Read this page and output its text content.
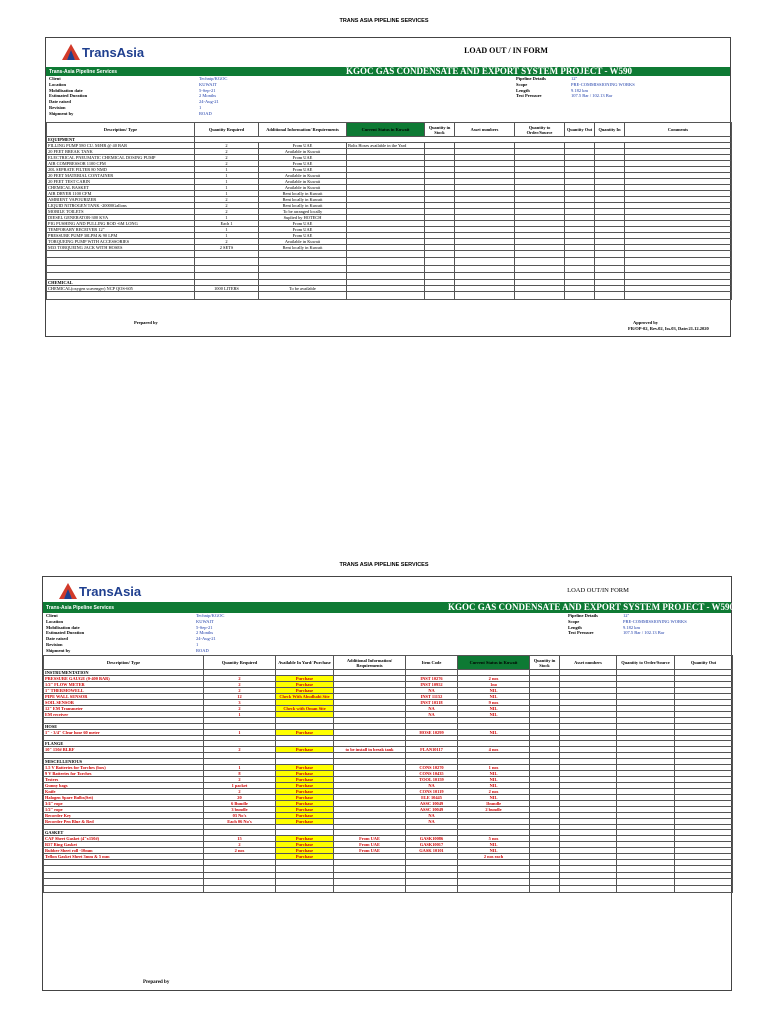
TRANS ASIA PIPELINE SERVICES
TransAsia	LOAD OUT / IN FORM
Trans-Asia Pipeline Services	KGOC GAS CONDENSATE AND EXPORT SYSTEM PROJECT - W590
Client	Technip/KGOC
Location	KUWAIT
Mobilisation date	5-Sep-21
Estimated Duration	2 Months
Date raised	24-Aug-21
Revision	1
Shipment by	ROAD
Pipeline Details	12"
Scope	PRE-COMMISSIONING WORKS
Length	9.182 km
Test Pressure	107.5 Bar / 102.13 Bar
Description/ Type	Quantity Required	Additional Information/ Requirements	Current Status in Kuwait	Quantity in Stock	Asset numbers	Quantity to Order/Source	Quantity Out	Quantity In	Comments
EQUIPMENT									
FILLING PUMP 580 CU. M/HR @ 40 BAR	2	From UAE	Bolts Hoses available in the Yard						
20 FEET BREAK TANK	2	Available in Kuwait							
ELECTRICAL PNEUMATIC CHEMICAL DOSING PUMP	2	From UAE							
AIR COMPRESSOR 1100 CFM	2	From UAE							
20L SEPRATE FILTER 80 NMD	1	From UAE							
20 FEET MATERIAL CONTAINER	1	Available in Kuwait							
20 FEET TEST CABIN	1	Available in Kuwait							
CHEMICAL BASKET	1	Available in Kuwait							
AIR DRYER 1100 CFM	1	Rent locally in Kuwait							
AMBIENT VAPOURIZER	2	Rent locally in Kuwait							
LIQUID NITROGEN TANK -20000Gallons	2	Rent locally in Kuwait							
MOBILE TOILETS	2	To be arranged locally							
DIESEL GENERATOR-300 KVA	1	Suplied by HOTECH							
PIG PUSHING AND PULLING ROD -6M LONG	Each 1	From UAE							
TEMPORARY RECEIVER 12"	1	From UAE							
PRESSURE PUMP 30LPM & 90 LPM	1	From UAE							
TORQUEING PUMP WITH ACCESSORIES	2	Available in Kuwait							
M33 TORQUEING JACK WITH HOSES	2 SETS	Rent locally in Kuwait							

CHEMICAL									
CHEMICAL(oxygen scavenger) NCP QOS-605	1000 LITERS	To be available							

Prepared by	Approved by
FR/OP-02, Rev.02, Iss.03, Date:21.12.2020
TRANS ASIA PIPELINE SERVICES
TransAsia	LOAD OUT/IN FORM
Trans-Asia Pipeline Services	KGOC GAS CONDENSATE AND EXPORT SYSTEM PROJECT - W590
Client	Technip/KGOC
Location	KUWAIT
Mobilisation date	5-Sep-21
Estimated Duration	2 Months
Date raised	24-Aug-21
Revision	1
Shipment by	ROAD
Pipeline Details	12"
Scope	PRE-COMMISSIONING WORKS
Length	9.182 km
Test Pressure	107.5 Bar / 102.13 Bar
Description/ Type	Quantity Required	Available In Yard/ Purchase	Additional Information/ Requirements	Item Code	Current Status in Kuwait	Quantity in Stock	Asset numbers	Quantity to Order/Source	Quantity Out
INSTRUMENTATION									
PRESSURE GAUGE (0-400 BAR)	2	Purchase		INST 10276	2 nos				
1/2" FLOW METER	2	Purchase		INST 10952	1no				
1" THERMOWELL	2	Purchase		NA	NIL				
PIPE WALL SENSOR	12	Check With Abudhabi Site		INST 11152	NIL				
SOIL SENSOR	3			INST 10318	9 nos				
12" EM Transmeter	2	Check with Oman Site		NA	NIL				
EM receiver	1			NA	NIL				

HOSE									
1" - 3/4" Clear hose 60 meter	1	Purchase		HOSE 10299	NIL				

FLANGE									
10" 150# BLRF	2	Purchase	to be install in break tank	FLAN10117	4 nos				

MISCELLENIOUS									
1.5 V Batteries for Torches (box)	1	Purchase		CONS 10270	1 nos				
9 V Batteries for Torches	8	Purchase		CONS 10435	NIL				
Testers	2	Purchase		TOOL 10159	NIL				
Gunny bags	1 packet	Purchase		NA	NIL				
Knife	2	Purchase		CONS 10119	2 nos				
Halogen Spare Bulbs(Set)	20	Purchase		ELE 10445	NIL				
3/4" rope	6 Bundle	Purchase		ASSC 10049	1bundle				
1/2" rope	3 bundle	Purchase		ASSC 10049	2 bundle				
Recorder Key	03 No's	Purchase		NA					
Recorder Pen Blue & Red	Each 06 No's	Purchase		NA					

GASKET									
CAF Sheet Gasket (4"x150#)	15	Purchase	From UAE	GASK10086	5 nos				
R57 Ring Gasket	2	Purchase	From UAE	GASK10017	NIL				
Rubber Sheet roll -10mm	2 nos	Purchase	From UAE	GASK 10101	NIL				
Teflon Gasket Sheet 3mm & 5 mm		Purchase			2 nos each				

Prepared by
